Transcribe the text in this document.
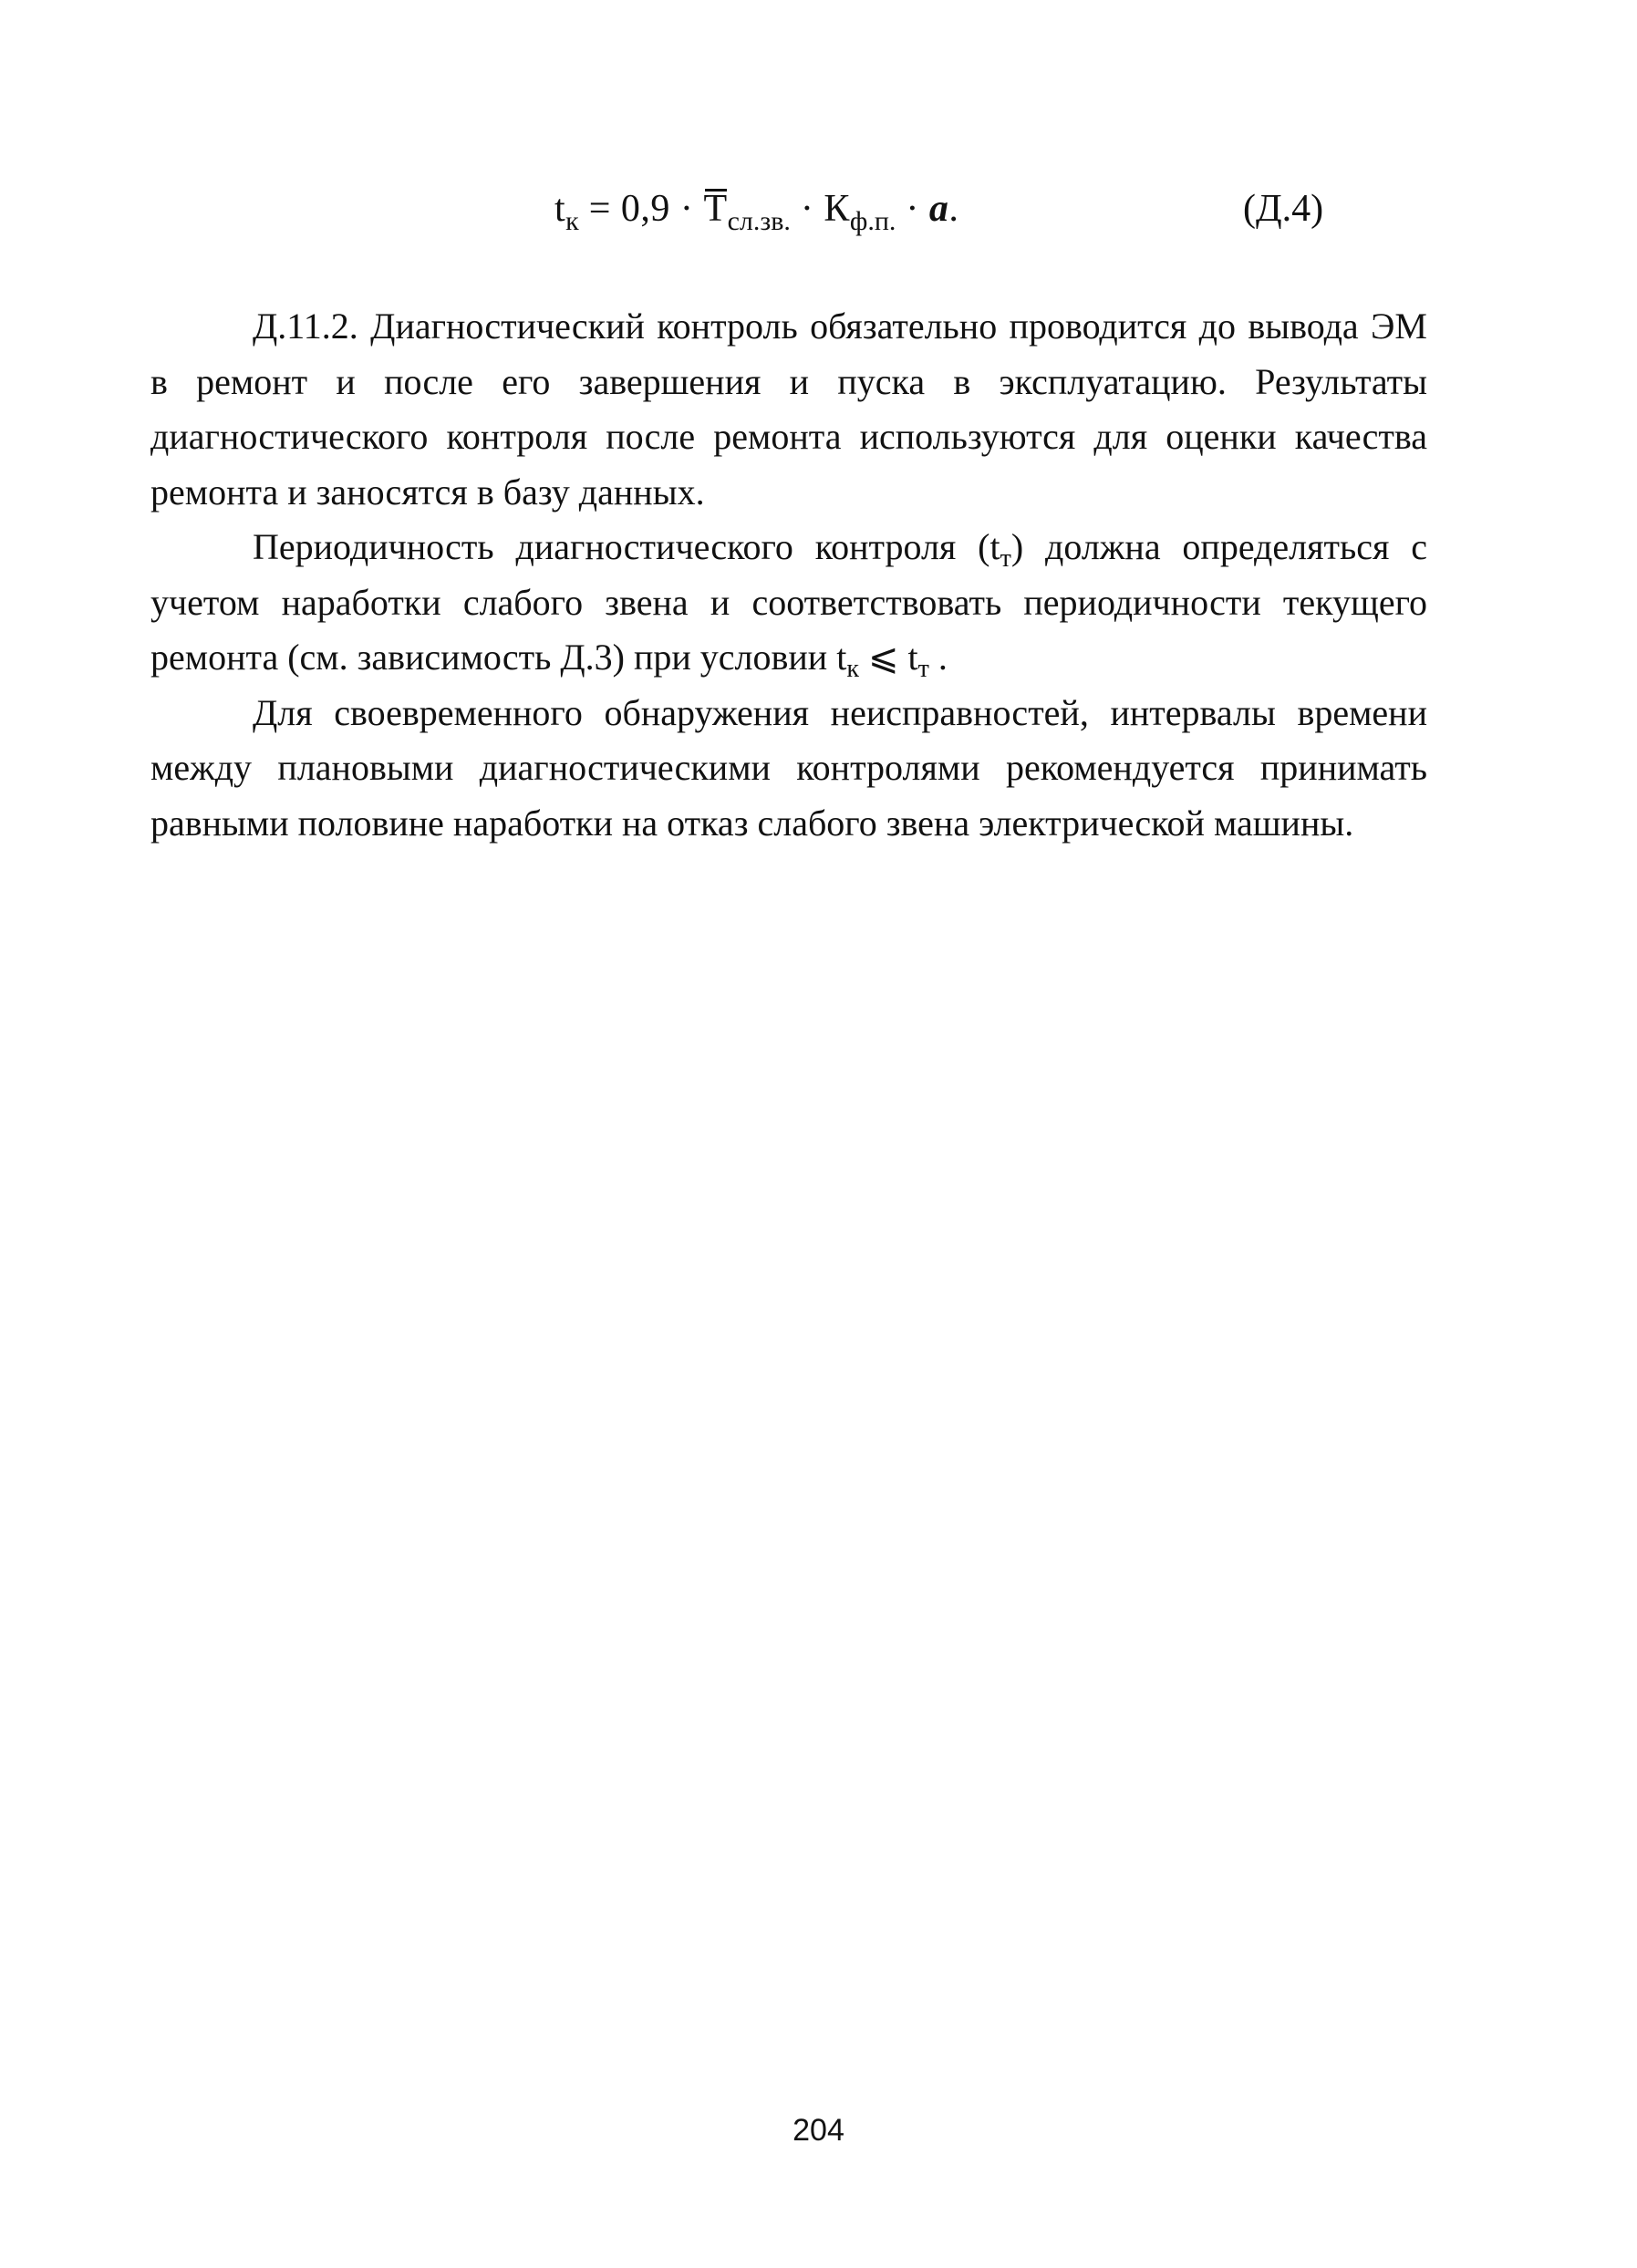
$t_к = 0,9 \cdot T_{сл.зв.} \cdot К_{ф.п.} \cdot a$.	(Д.4)

Д.11.2. Диагностический контроль обязательно проводится до вывода ЭМ в ремонт и после его завершения и пуска в эксплуатацию. Результаты диагностического контроля после ремонта используются для оценки качества ремонта и заносятся в базу данных.

Периодичность диагностического контроля $(t_т)$ должна определяться с учетом наработки слабого звена и соответствовать периодичности текущего ремонта (см. зависимость Д.3) при условии $t_к$ ⩽ $t_т$ .

Для своевременного обнаружения неисправностей, интервалы времени между плановыми диагностическими контролями рекомендуется принимать равными половине наработки на отказ слабого звена электрической машины.

204
